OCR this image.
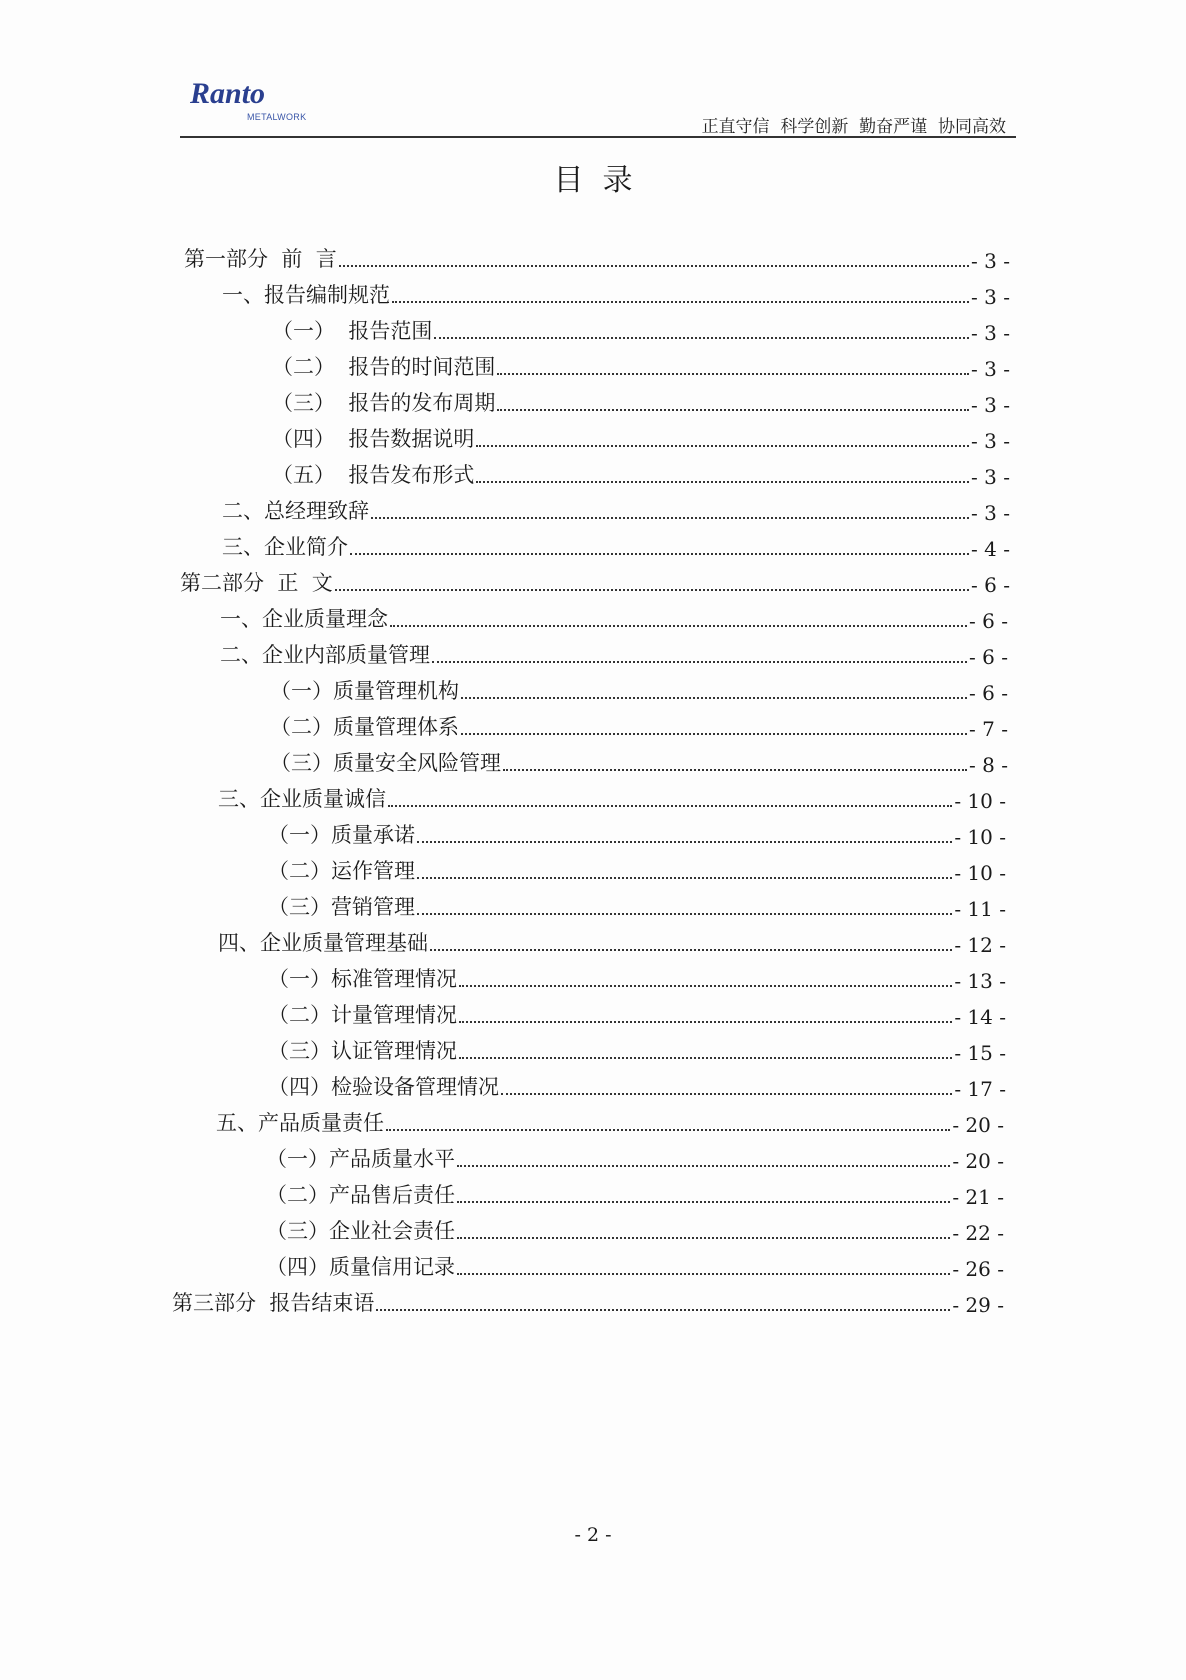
Ranto
METALWORK	正直守信  科学创新  勤奋严谨  协同高效
目  录
第一部分  前  言	- 3 -
一、报告编制规范	- 3 -
（一）  报告范围	- 3 -
（二）  报告的时间范围	- 3 -
（三）  报告的发布周期	- 3 -
（四）  报告数据说明	- 3 -
（五）  报告发布形式	- 3 -
二、总经理致辞	- 3 -
三、企业简介	- 4 -
第二部分  正  文	- 6 -
一、企业质量理念	- 6 -
二、企业内部质量管理	- 6 -
（一）质量管理机构	- 6 -
（二）质量管理体系	- 7 -
（三）质量安全风险管理	- 8 -
三、企业质量诚信	- 10 -
（一）质量承诺	- 10 -
（二）运作管理	- 10 -
（三）营销管理	- 11 -
四、企业质量管理基础	- 12 -
（一）标准管理情况	- 13 -
（二）计量管理情况	- 14 -
（三）认证管理情况	- 15 -
（四）检验设备管理情况	- 17 -
五、产品质量责任	- 20 -
（一）产品质量水平	- 20 -
（二）产品售后责任	- 21 -
（三）企业社会责任	- 22 -
（四）质量信用记录	- 26 -
第三部分  报告结束语	- 29 -
- 2 -
